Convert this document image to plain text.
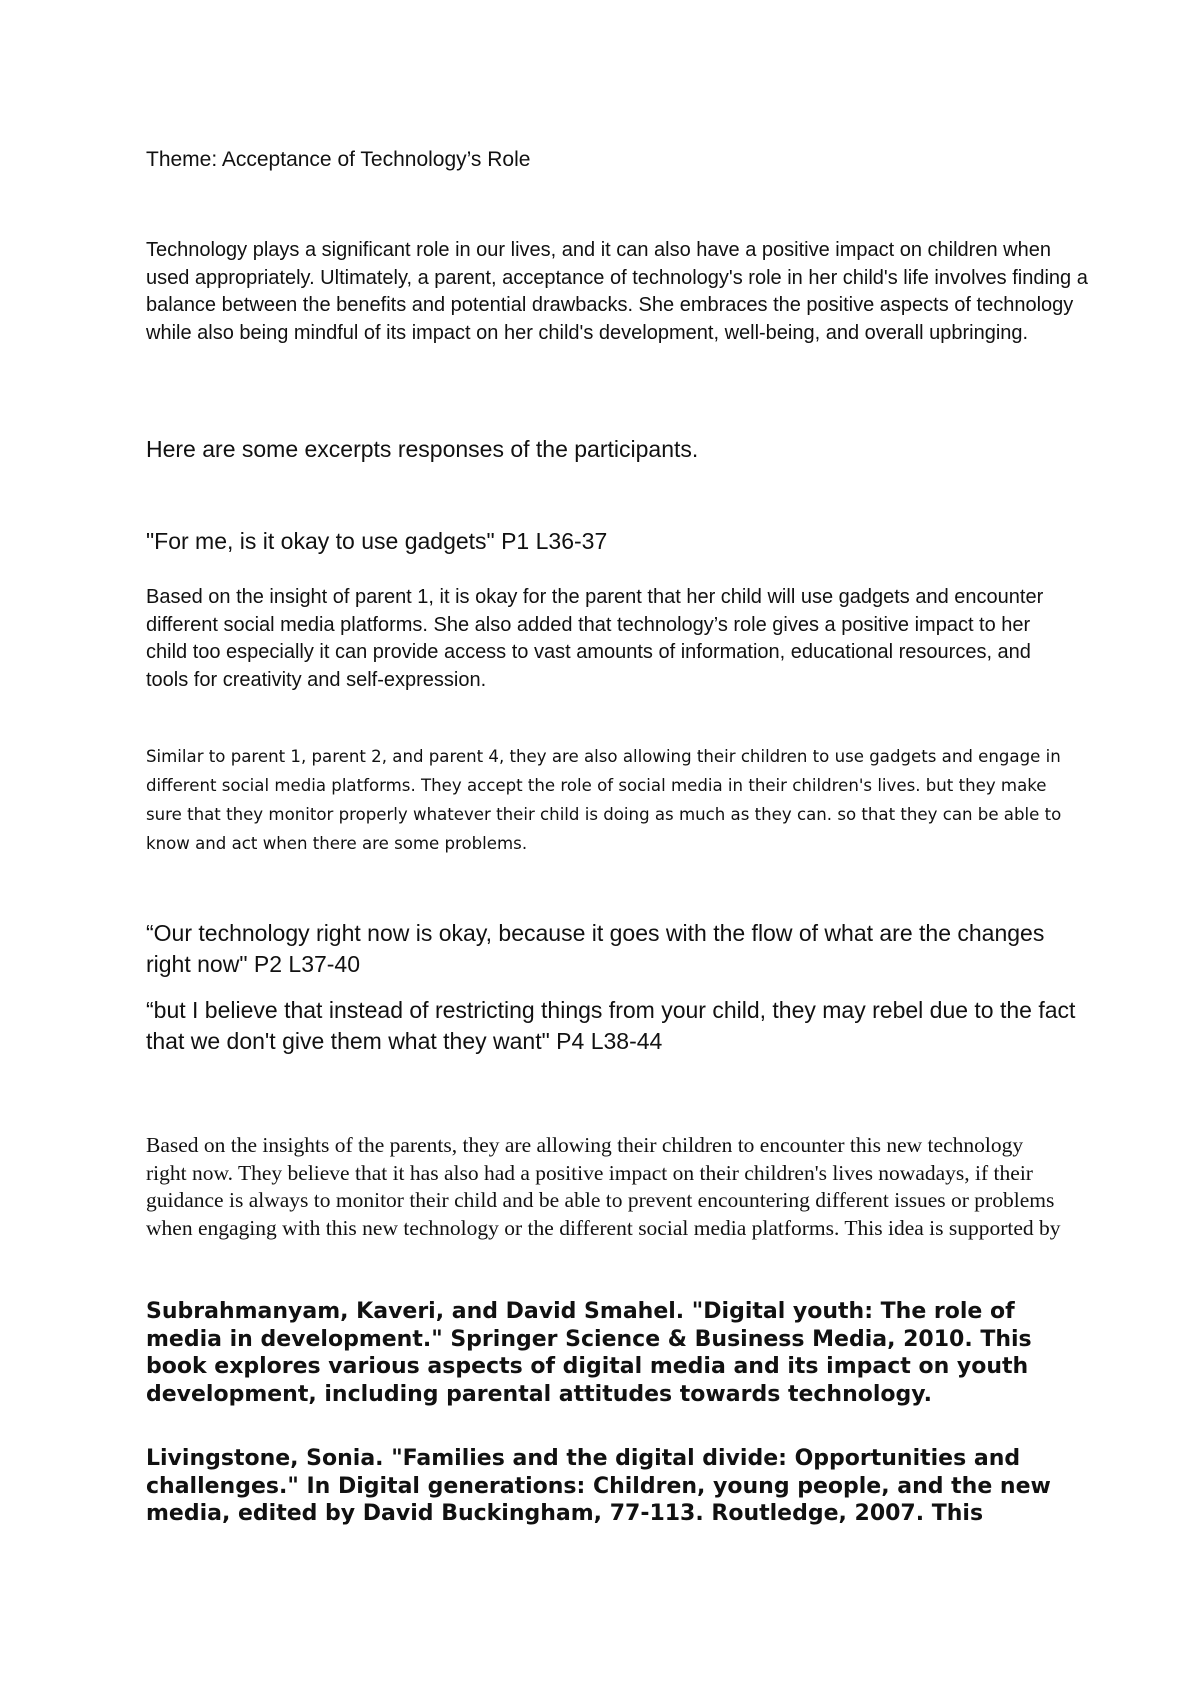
Theme: Acceptance of Technology’s Role

Technology plays a significant role in our lives, and it can also have a positive impact on children when used appropriately. Ultimately, a parent, acceptance of technology's role in her child's life involves finding a balance between the benefits and potential drawbacks. She embraces the positive aspects of technology while also being mindful of its impact on her child's development, well-being, and overall upbringing.

Here are some excerpts responses of the participants.

"For me, is it okay to use gadgets" P1 L36-37

Based on the insight of parent 1, it is okay for the parent that her child will use gadgets and encounter different social media platforms. She also added that technology’s role gives a positive impact to her child too especially it can provide access to vast amounts of information, educational resources, and tools for creativity and self-expression.

Similar to parent 1, parent 2, and parent 4, they are also allowing their children to use gadgets and engage in different social media platforms. They accept the role of social media in their children's lives. but they make sure that they monitor properly whatever their child is doing as much as they can. so that they can be able to know and act when there are some problems.

“Our technology right now is okay, because it goes with the flow of what are the changes right now" P2 L37-40

“but I believe that instead of restricting things from your child, they may rebel due to the fact that we don't give them what they want" P4 L38-44

Based on the insights of the parents, they are allowing their children to encounter this new technology right now. They believe that it has also had a positive impact on their children's lives nowadays, if their guidance is always to monitor their child and be able to prevent encountering different issues or problems when engaging with this new technology or the different social media platforms. This idea is supported by

Subrahmanyam, Kaveri, and David Smahel. "Digital youth: The role of media in development." Springer Science & Business Media, 2010. This book explores various aspects of digital media and its impact on youth development, including parental attitudes towards technology.

Livingstone, Sonia. "Families and the digital divide: Opportunities and challenges." In Digital generations: Children, young people, and the new media, edited by David Buckingham, 77-113. Routledge, 2007. This
